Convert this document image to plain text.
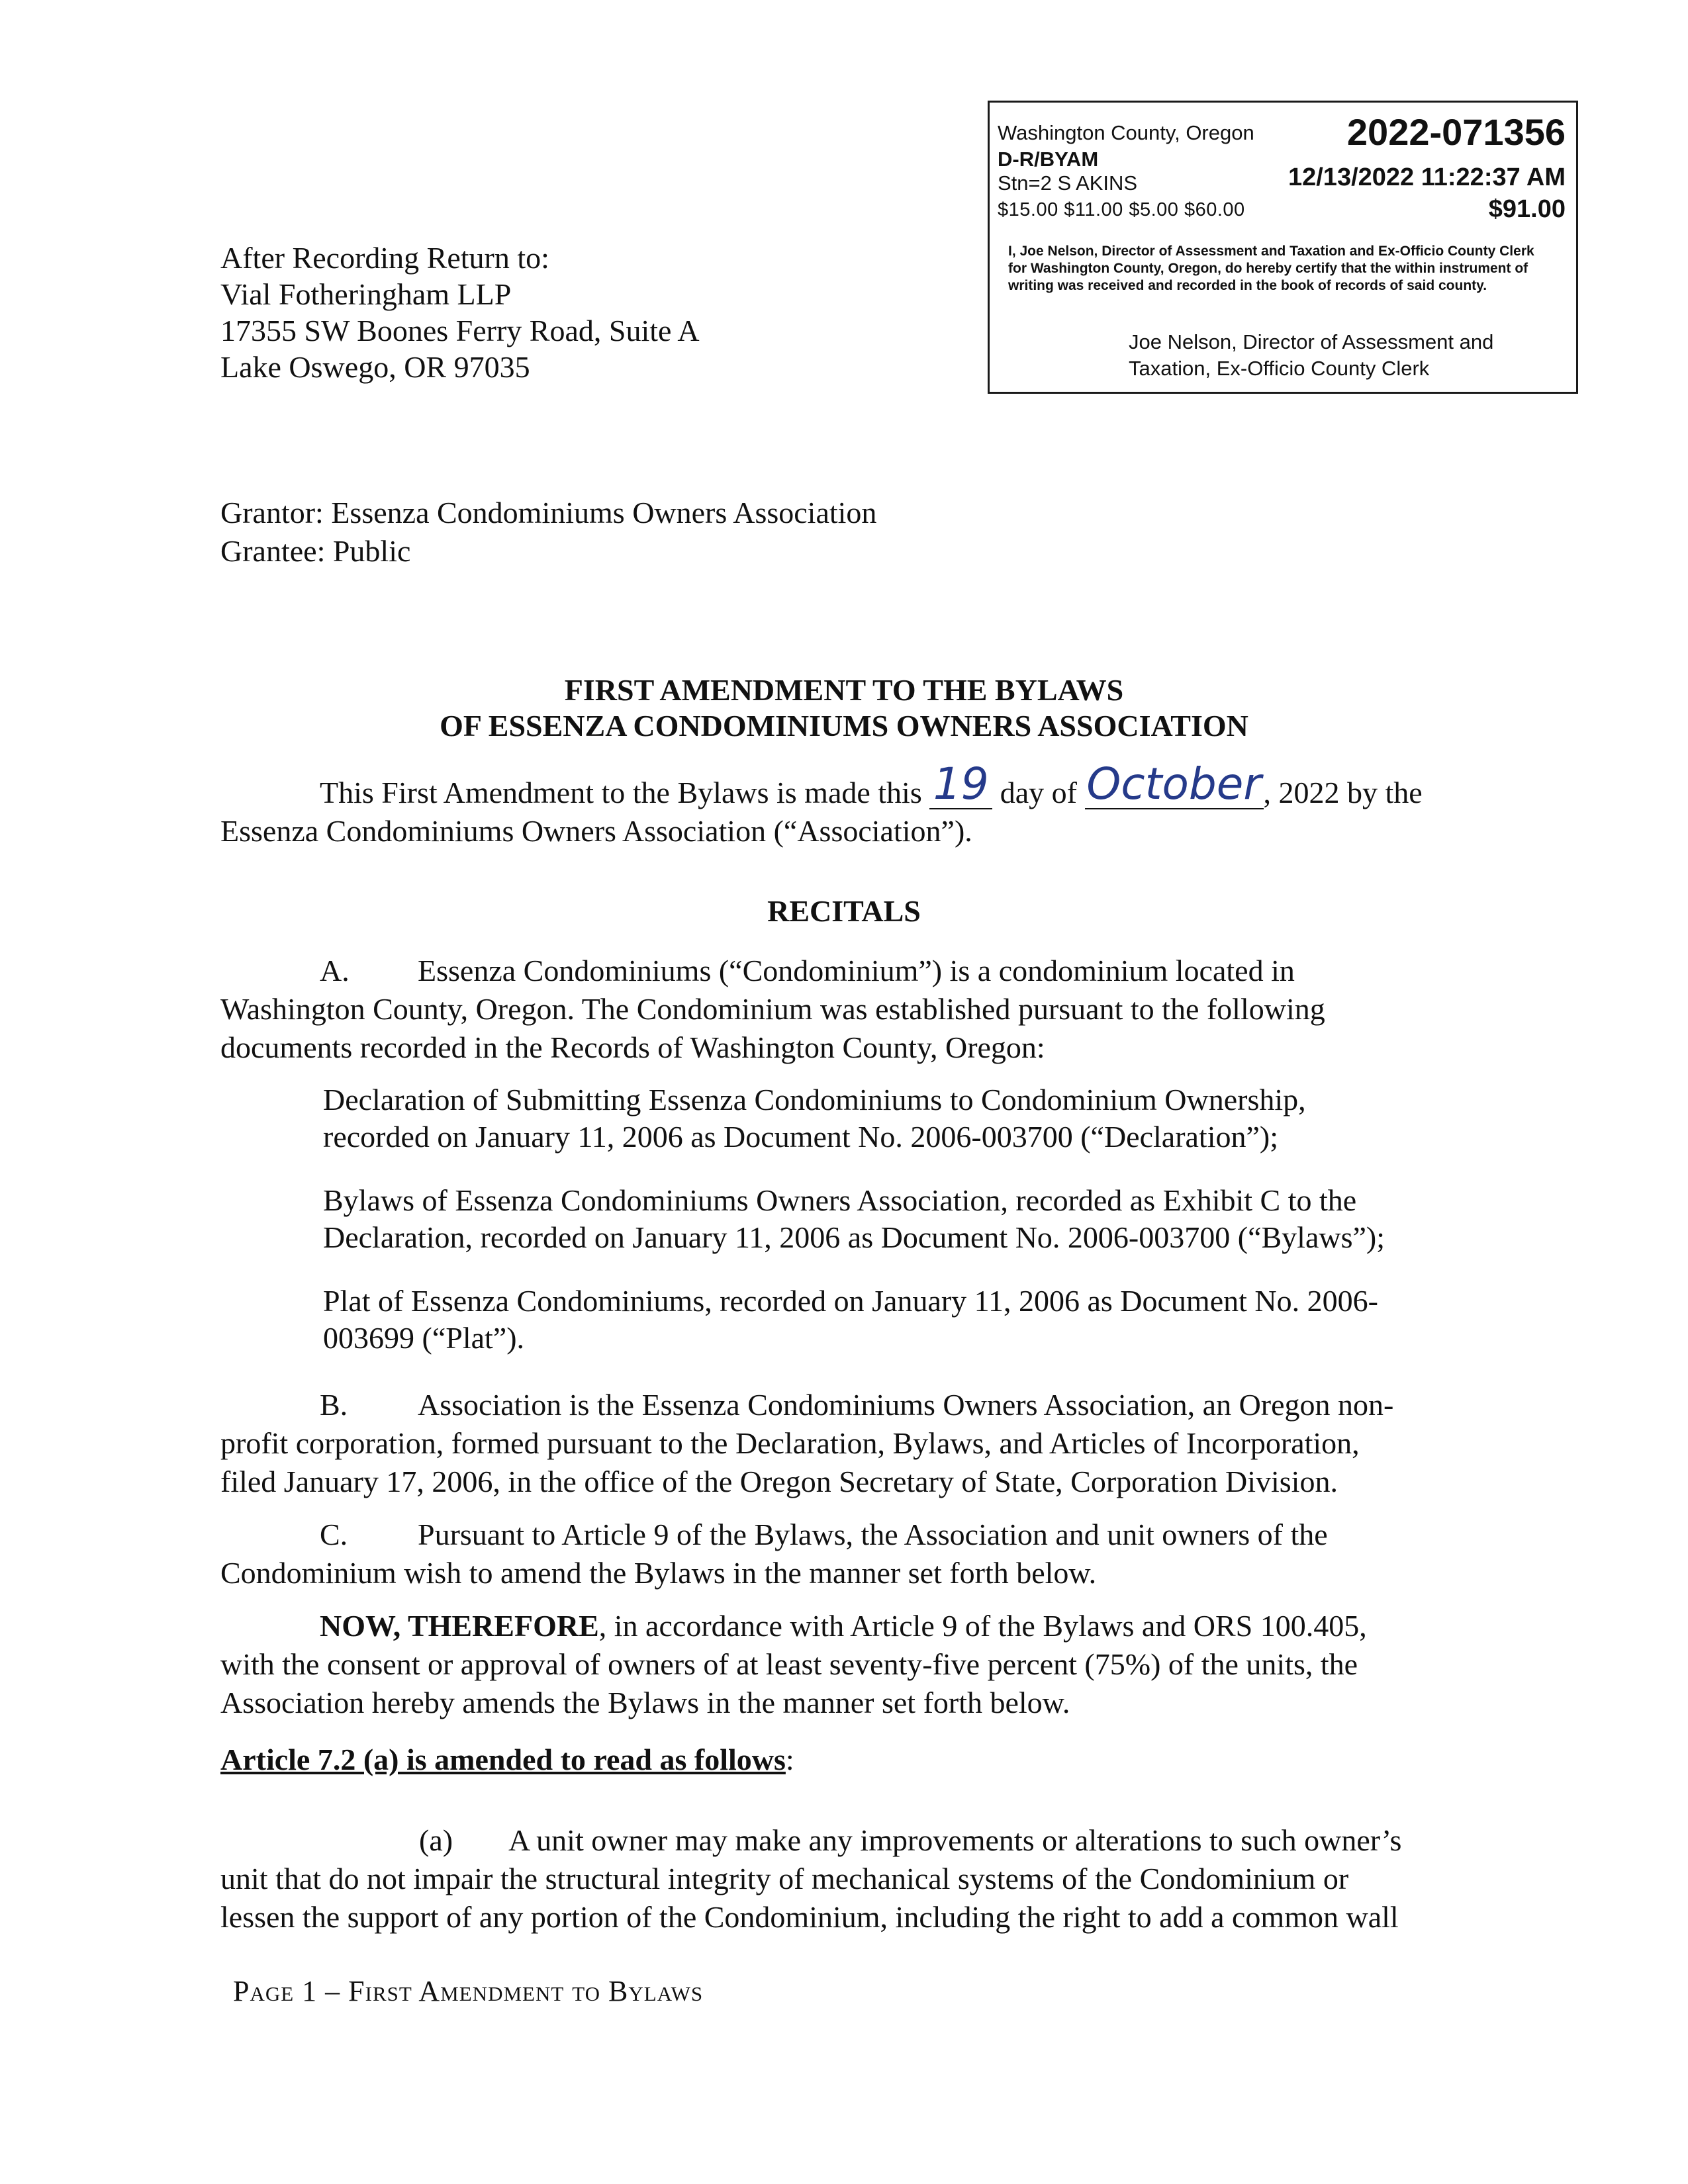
After Recording Return to:
Vial Fotheringham LLP
17355 SW Boones Ferry Road, Suite A
Lake Oswego, OR 97035
Washington County, Oregon	2022-071356
D-R/BYAM
Stn=2 S AKINS	12/13/2022 11:22:37 AM
$15.00 $11.00 $5.00 $60.00	$91.00
I, Joe Nelson, Director of Assessment and Taxation and Ex-Officio County Clerk for Washington County, Oregon, do hereby certify that the within instrument of writing was received and recorded in the book of records of said county.
Joe Nelson, Director of Assessment and
Taxation, Ex-Officio County Clerk
Grantor: Essenza Condominiums Owners Association
Grantee: Public
FIRST AMENDMENT TO THE BYLAWS
OF ESSENZA CONDOMINIUMS OWNERS ASSOCIATION
This First Amendment to the Bylaws is made this 19 day of October, 2022 by the
Essenza Condominiums Owners Association (“Association”).
RECITALS
A. Essenza Condominiums (“Condominium”) is a condominium located in
Washington County, Oregon. The Condominium was established pursuant to the following
documents recorded in the Records of Washington County, Oregon:
Declaration of Submitting Essenza Condominiums to Condominium Ownership,
recorded on January 11, 2006 as Document No. 2006-003700 (“Declaration”);
Bylaws of Essenza Condominiums Owners Association, recorded as Exhibit C to the
Declaration, recorded on January 11, 2006 as Document No. 2006-003700 (“Bylaws”);
Plat of Essenza Condominiums, recorded on January 11, 2006 as Document No. 2006-
003699 (“Plat”).
B. Association is the Essenza Condominiums Owners Association, an Oregon non-
profit corporation, formed pursuant to the Declaration, Bylaws, and Articles of Incorporation,
filed January 17, 2006, in the office of the Oregon Secretary of State, Corporation Division.
C. Pursuant to Article 9 of the Bylaws, the Association and unit owners of the
Condominium wish to amend the Bylaws in the manner set forth below.
NOW, THEREFORE, in accordance with Article 9 of the Bylaws and ORS 100.405,
with the consent or approval of owners of at least seventy-five percent (75%) of the units, the
Association hereby amends the Bylaws in the manner set forth below.
Article 7.2 (a) is amended to read as follows:
(a) A unit owner may make any improvements or alterations to such owner’s
unit that do not impair the structural integrity of mechanical systems of the Condominium or
lessen the support of any portion of the Condominium, including the right to add a common wall
Page 1 – First Amendment to Bylaws
